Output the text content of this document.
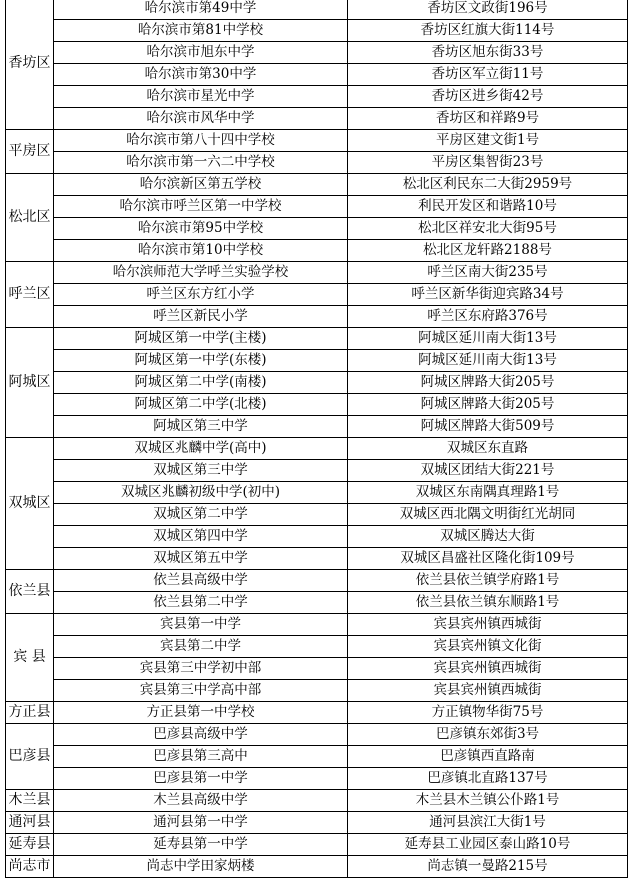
香坊区	哈尔滨市第49中学	香坊区文政街196号
	哈尔滨市第81中学校	香坊区红旗大街114号
	哈尔滨市旭东中学	香坊区旭东街33号
	哈尔滨市第30中学	香坊区军立街11号
	哈尔滨市星光中学	香坊区进乡街42号
	哈尔滨市风华中学	香坊区和祥路9号
平房区	哈尔滨市第八十四中学校	平房区建文街1号
	哈尔滨市第一六二中学校	平房区集智街23号
松北区	哈尔滨新区第五学校	松北区利民东二大街2959号
	哈尔滨市呼兰区第一中学校	利民开发区和谐路10号
	哈尔滨市第95中学校	松北区祥安北大街95号
	哈尔滨市第10中学校	松北区龙轩路2188号
呼兰区	哈尔滨师范大学呼兰实验学校	呼兰区南大街235号
	呼兰区东方红小学	呼兰区新华街迎宾路34号
	呼兰区新民小学	呼兰区东府路376号
阿城区	阿城区第一中学(主楼)	阿城区延川南大街13号
	阿城区第一中学(东楼)	阿城区延川南大街13号
	阿城区第二中学(南楼)	阿城区牌路大街205号
	阿城区第二中学(北楼)	阿城区牌路大街205号
	阿城区第三中学	阿城区牌路大街509号
双城区	双城区兆麟中学(高中)	双城区东直路
	双城区第三中学	双城区团结大街221号
	双城区兆麟初级中学(初中)	双城区东南隅真理路1号
	双城区第二中学	双城区西北隅文明街红光胡同
	双城区第四中学	双城区腾达大街
	双城区第五中学	双城区昌盛社区隆化街109号
依兰县	依兰县高级中学	依兰县依兰镇学府路1号
	依兰县第二中学	依兰县依兰镇东顺路1号
宾 县	宾县第一中学	宾县宾州镇西城街
	宾县第二中学	宾县宾州镇文化街
	宾县第三中学初中部	宾县宾州镇西城街
	宾县第三中学高中部	宾县宾州镇西城街
方正县	方正县第一中学校	方正镇物华街75号
巴彦县	巴彦县高级中学	巴彦镇东郊街3号
	巴彦县第三高中	巴彦镇西直路南
	巴彦县第一中学	巴彦镇北直路137号
木兰县	木兰县高级中学	木兰县木兰镇公仆路1号
通河县	通河县第一中学	通河县滨江大街1号
延寿县	延寿县第一中学	延寿县工业园区泰山路10号
尚志市	尚志中学田家炳楼	尚志镇一曼路215号
